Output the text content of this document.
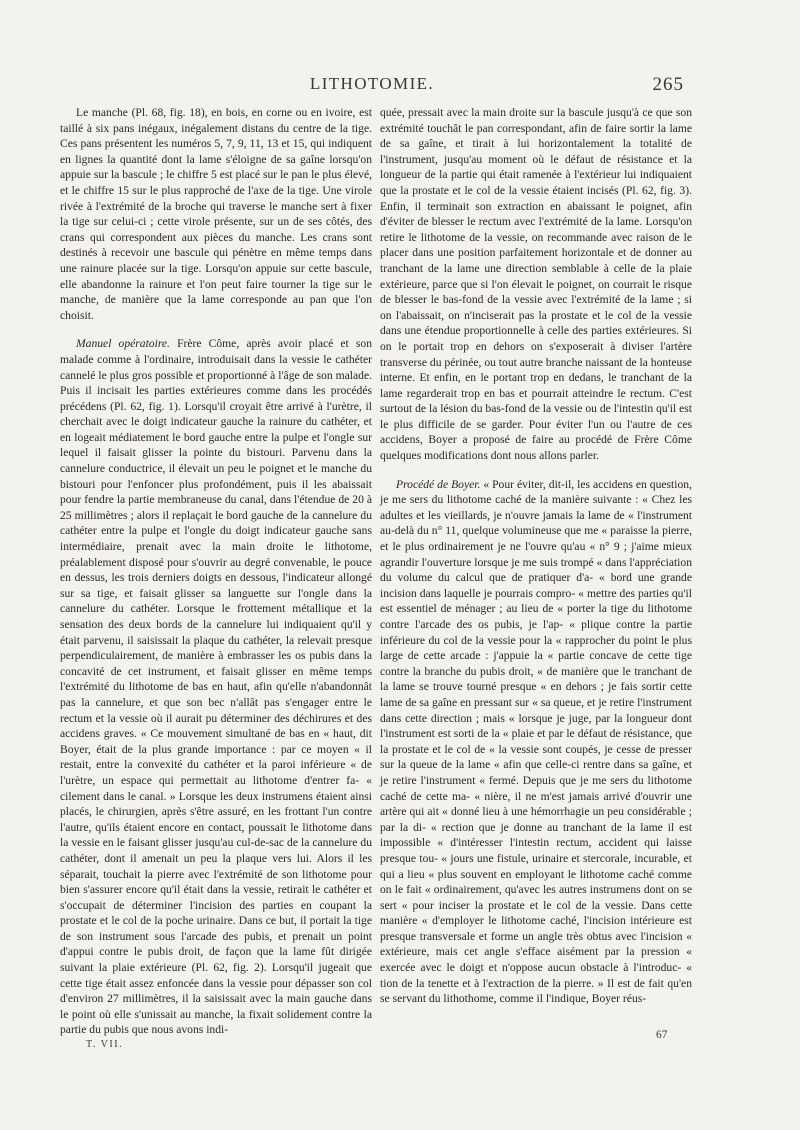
LITHOTOMIE.	265

Le manche (Pl. 68, fig. 18), en bois, en corne ou en ivoire, est taillé à six pans inégaux, inégalement distans du centre de la tige. Ces pans présentent les numéros 5, 7, 9, 11, 13 et 15, qui indiquent en lignes la quantité dont la lame s'éloigne de sa gaîne lorsqu'on appuie sur la bascule ; le chiffre 5 est placé sur le pan le plus élevé, et le chiffre 15 sur le plus rapproché de l'axe de la tige. Une virole rivée à l'extrémité de la broche qui traverse le manche sert à fixer la tige sur celui-ci ; cette virole présente, sur un de ses côtés, des crans qui correspondent aux pièces du manche. Les crans sont destinés à recevoir une bascule qui pénètre en même temps dans une rainure placée sur la tige. Lorsqu'on appuie sur cette bascule, elle abandonne la rainure et l'on peut faire tourner la tige sur le manche, de manière que la lame corresponde au pan que l'on choisit.

Manuel opératoire. Frère Côme, après avoir placé et son malade comme à l'ordinaire, introduisait dans la vessie le cathéter cannelé le plus gros possible et proportionné à l'âge de son malade. Puis il incisait les parties extérieures comme dans les procédés précédens (Pl. 62, fig. 1). Lorsqu'il croyait être arrivé à l'urètre, il cherchait avec le doigt indicateur gauche la rainure du cathéter, et en logeait médiatement le bord gauche entre la pulpe et l'ongle sur lequel il faisait glisser la pointe du bistouri. Parvenu dans la cannelure conductrice, il élevait un peu le poignet et le manche du bistouri pour l'enfoncer plus profondément, puis il les abaissait pour fendre la partie membraneuse du canal, dans l'étendue de 20 à 25 millimètres ; alors il replaçait le bord gauche de la cannelure du cathéter entre la pulpe et l'ongle du doigt indicateur gauche sans intermédiaire, prenait avec la main droite le lithotome, préalablement disposé pour s'ouvrir au degré convenable, le pouce en dessus, les trois derniers doigts en dessous, l'indicateur allongé sur sa tige, et faisait glisser sa languette sur l'ongle dans la cannelure du cathéter. Lorsque le frottement métallique et la sensation des deux bords de la cannelure lui indiquaient qu'il y était parvenu, il saisissait la plaque du cathéter, la relevait presque perpendiculairement, de manière à embrasser les os pubis dans la concavité de cet instrument, et faisait glisser en même temps l'extrémité du lithotome de bas en haut, afin qu'elle n'abandonnât pas la cannelure, et que son bec n'allât pas s'engager entre le rectum et la vessie où il aurait pu déterminer des déchirures et des accidens graves. « Ce mouvement simultané de bas en « haut, dit Boyer, était de la plus grande importance : par ce moyen « il restait, entre la convexité du cathéter et la paroi inférieure « de l'urètre, un espace qui permettait au lithotome d'entrer fa- « cilement dans le canal. » Lorsque les deux instrumens étaient ainsi placés, le chirurgien, après s'être assuré, en les frottant l'un contre l'autre, qu'ils étaient encore en contact, poussait le lithotome dans la vessie en le faisant glisser jusqu'au cul-de-sac de la cannelure du cathéter, dont il amenait un peu la plaque vers lui. Alors il les séparait, touchait la pierre avec l'extrémité de son lithotome pour bien s'assurer encore qu'il était dans la vessie, retirait le cathéter et s'occupait de déterminer l'incision des parties en coupant la prostate et le col de la poche urinaire. Dans ce but, il portait la tige de son instrument sous l'arcade des pubis, et prenait un point d'appui contre le pubis droit, de façon que la lame fût dirigée suivant la plaie extérieure (Pl. 62, fig. 2). Lorsqu'il jugeait que cette tige était assez enfoncée dans la vessie pour dépasser son col d'environ 27 millimètres, il la saisissait avec la main gauche dans le point où elle s'unissait au manche, la fixait solidement contre la partie du pubis que nous avons indi-

T. VII.

quée, pressait avec la main droite sur la bascule jusqu'à ce que son extrémité touchât le pan correspondant, afin de faire sortir la lame de sa gaîne, et tirait à lui horizontalement la totalité de l'instrument, jusqu'au moment où le défaut de résistance et la longueur de la partie qui était ramenée à l'extérieur lui indiquaient que la prostate et le col de la vessie étaient incisés (Pl. 62, fig. 3). Enfin, il terminait son extraction en abaissant le poignet, afin d'éviter de blesser le rectum avec l'extrémité de la lame. Lorsqu'on retire le lithotome de la vessie, on recommande avec raison de le placer dans une position parfaitement horizontale et de donner au tranchant de la lame une direction semblable à celle de la plaie extérieure, parce que si l'on élevait le poignet, on courrait le risque de blesser le bas-fond de la vessie avec l'extrémité de la lame ; si on l'abaissait, on n'inciserait pas la prostate et le col de la vessie dans une étendue proportionnelle à celle des parties extérieures. Si on le portait trop en dehors on s'exposerait à diviser l'artère transverse du périnée, ou tout autre branche naissant de la honteuse interne. Et enfin, en le portant trop en dedans, le tranchant de la lame regarderait trop en bas et pourrait atteindre le rectum. C'est surtout de la lésion du bas-fond de la vessie ou de l'intestin qu'il est le plus difficile de se garder. Pour éviter l'un ou l'autre de ces accidens, Boyer a proposé de faire au procédé de Frère Côme quelques modifications dont nous allons parler.

Procédé de Boyer. « Pour éviter, dit-il, les accidens en question, je me sers du lithotome caché de la manière suivante : « Chez les adultes et les vieillards, je n'ouvre jamais la lame de « l'instrument au-delà du n° 11, quelque volumineuse que me « paraisse la pierre, et le plus ordinairement je ne l'ouvre qu'au « n° 9 ; j'aime mieux agrandir l'ouverture lorsque je me suis trompé « dans l'appréciation du volume du calcul que de pratiquer d'a- « bord une grande incision dans laquelle je pourrais compro- « mettre des parties qu'il est essentiel de ménager ; au lieu de « porter la tige du lithotome contre l'arcade des os pubis, je l'ap- « plique contre la partie inférieure du col de la vessie pour la « rapprocher du point le plus large de cette arcade : j'appuie la « partie concave de cette tige contre la branche du pubis droit, « de manière que le tranchant de la lame se trouve tourné presque « en dehors ; je fais sortir cette lame de sa gaîne en pressant sur « sa queue, et je retire l'instrument dans cette direction ; mais « lorsque je juge, par la longueur dont l'instrument est sorti de la « plaie et par le défaut de résistance, que la prostate et le col de « la vessie sont coupés, je cesse de presser sur la queue de la lame « afin que celle-ci rentre dans sa gaîne, et je retire l'instrument « fermé. Depuis que je me sers du lithotome caché de cette ma- « nière, il ne m'est jamais arrivé d'ouvrir une artère qui ait « donné lieu à une hémorrhagie un peu considérable ; par la di- « rection que je donne au tranchant de la lame il est impossible « d'intéresser l'intestin rectum, accident qui laisse presque tou- « jours une fistule, urinaire et stercorale, incurable, et qui a lieu « plus souvent en employant le lithotome caché comme on le fait « ordinairement, qu'avec les autres instrumens dont on se sert « pour inciser la prostate et le col de la vessie. Dans cette manière « d'employer le lithotome caché, l'incision intérieure est presque transversale et forme un angle très obtus avec l'incision « extérieure, mais cet angle s'efface aisément par la pression « exercée avec le doigt et n'oppose aucun obstacle à l'introduc- « tion de la tenette et à l'extraction de la pierre. » Il est de fait qu'en se servant du lithothome, comme il l'indique, Boyer réus-

67
